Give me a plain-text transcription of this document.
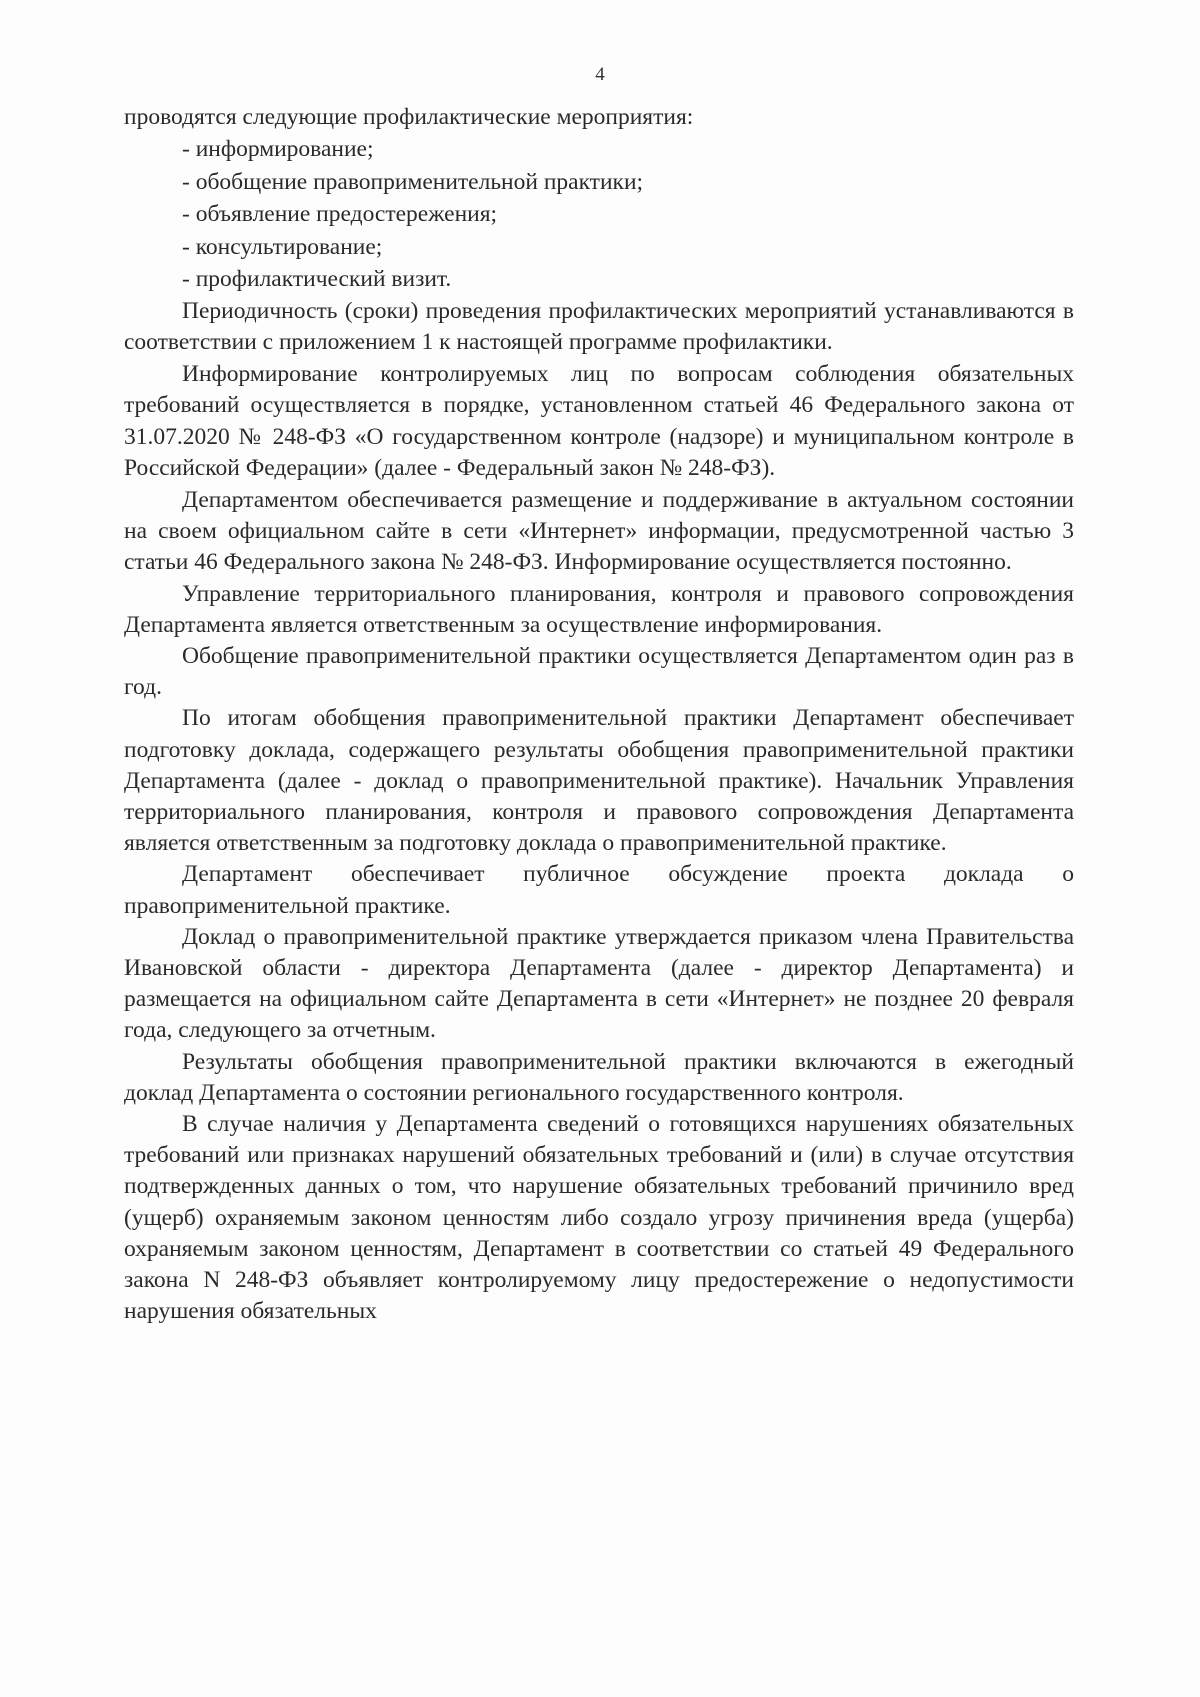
4

проводятся следующие профилактические мероприятия:

- информирование;
- обобщение правоприменительной практики;
- объявление предостережения;
- консультирование;
- профилактический визит.

Периодичность (сроки) проведения профилактических мероприятий устанавливаются в соответствии с приложением 1 к настоящей программе профилактики.

Информирование контролируемых лиц по вопросам соблюдения обязательных требований осуществляется в порядке, установленном статьей 46 Федерального закона от 31.07.2020 № 248-ФЗ «О государственном контроле (надзоре) и муниципальном контроле в Российской Федерации» (далее - Федеральный закон № 248-ФЗ).

Департаментом обеспечивается размещение и поддерживание в актуальном состоянии на своем официальном сайте в сети «Интернет» информации, предусмотренной частью 3 статьи 46 Федерального закона № 248-ФЗ. Информирование осуществляется постоянно.

Управление территориального планирования, контроля и правового сопровождения Департамента является ответственным за осуществление информирования.

Обобщение правоприменительной практики осуществляется Департаментом один раз в год.

По итогам обобщения правоприменительной практики Департамент обеспечивает подготовку доклада, содержащего результаты обобщения правоприменительной практики Департамента (далее - доклад о правоприменительной практике). Начальник Управления территориального планирования, контроля и правового сопровождения Департамента является ответственным за подготовку доклада о правоприменительной практике.

Департамент обеспечивает публичное обсуждение проекта доклада о правоприменительной практике.

Доклад о правоприменительной практике утверждается приказом члена Правительства Ивановской области - директора Департамента (далее - директор Департамента) и размещается на официальном сайте Департамента в сети «Интернет» не позднее 20 февраля года, следующего за отчетным.

Результаты обобщения правоприменительной практики включаются в ежегодный доклад Департамента о состоянии регионального государственного контроля.

В случае наличия у Департамента сведений о готовящихся нарушениях обязательных требований или признаках нарушений обязательных требований и (или) в случае отсутствия подтвержденных данных о том, что нарушение обязательных требований причинило вред (ущерб) охраняемым законом ценностям либо создало угрозу причинения вреда (ущерба) охраняемым законом ценностям, Департамент в соответствии со статьей 49 Федерального закона N 248-ФЗ объявляет контролируемому лицу предостережение о недопустимости нарушения обязательных
